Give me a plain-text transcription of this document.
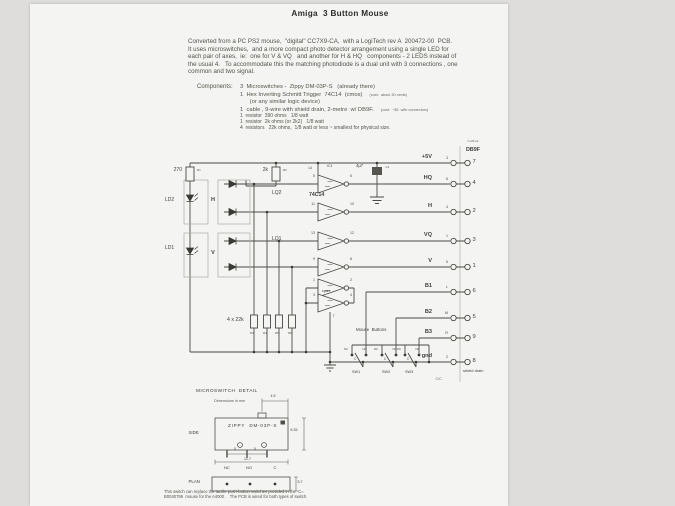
Amiga  3 Button Mouse
Converted from a PC PS2 mouse,  "digital" CC7X9-CA,  with a LogiTech rev A  200472-00  PCB.
It uses microswitches,  and a more compact photo detector arrangement using a single LED for
each pair of axes,  ie:  one for V & VQ   and another for H & HQ   components - 2 LEDS instead of
the usual 4.   To accommodate this the matching photodiode is a dual unit with 3 connections , one
common and two signal.
Components: 3  Microswitches -  Zippy DM-03P-S   (already there)
1  Hex Inverting Schmitt Trigger  74C14  (cmos) (cost:  about 30 cents)
(or any similar logic device)
1  cable , 9-wire with shield drain, 2-metre  w/ DB9F. (cost:  ~$3  with connectors)
1  resistor  390 ohms   1/8 watt
1  resistor  2k ohms (or 2k2)   1/8 watt
4  resistors   22k ohms,  1/8 watt or less ~ smallest for physical size.
270	R1	2k	R2
LD2	H
LQ2
LD1
V
LQ1
14	IC1
74C14
spare
7
4µ7	C1
4 x 22k
R3	R4	R5	R6
Mouse  Buttons
CABLE
DB9F
shield drain
C/C
5	6
11	10
13	12
9	8
1	2
3	4
+5V	3
7
HQ	6
4
H	4
2
VQ	1
3
V	5
1
B1	L
6
B2	M
5
B3	R
9
gnd	2
8
NC	NO
C
SW1
NC	NO
C
SW2
NC	NO
C
SW3
MICROSWITCH  DETAIL
Dimensions in mm
4.5
ZIPPY  DM-03P-S
SIDE	6.35
5	5
12.7
NC	NO	C
PLAN	5.7
This switch can replace the tactile push-button switches provided in the  C=
B0040796  mouse for the A4000 .   The PCB is wired for both types of switch.
